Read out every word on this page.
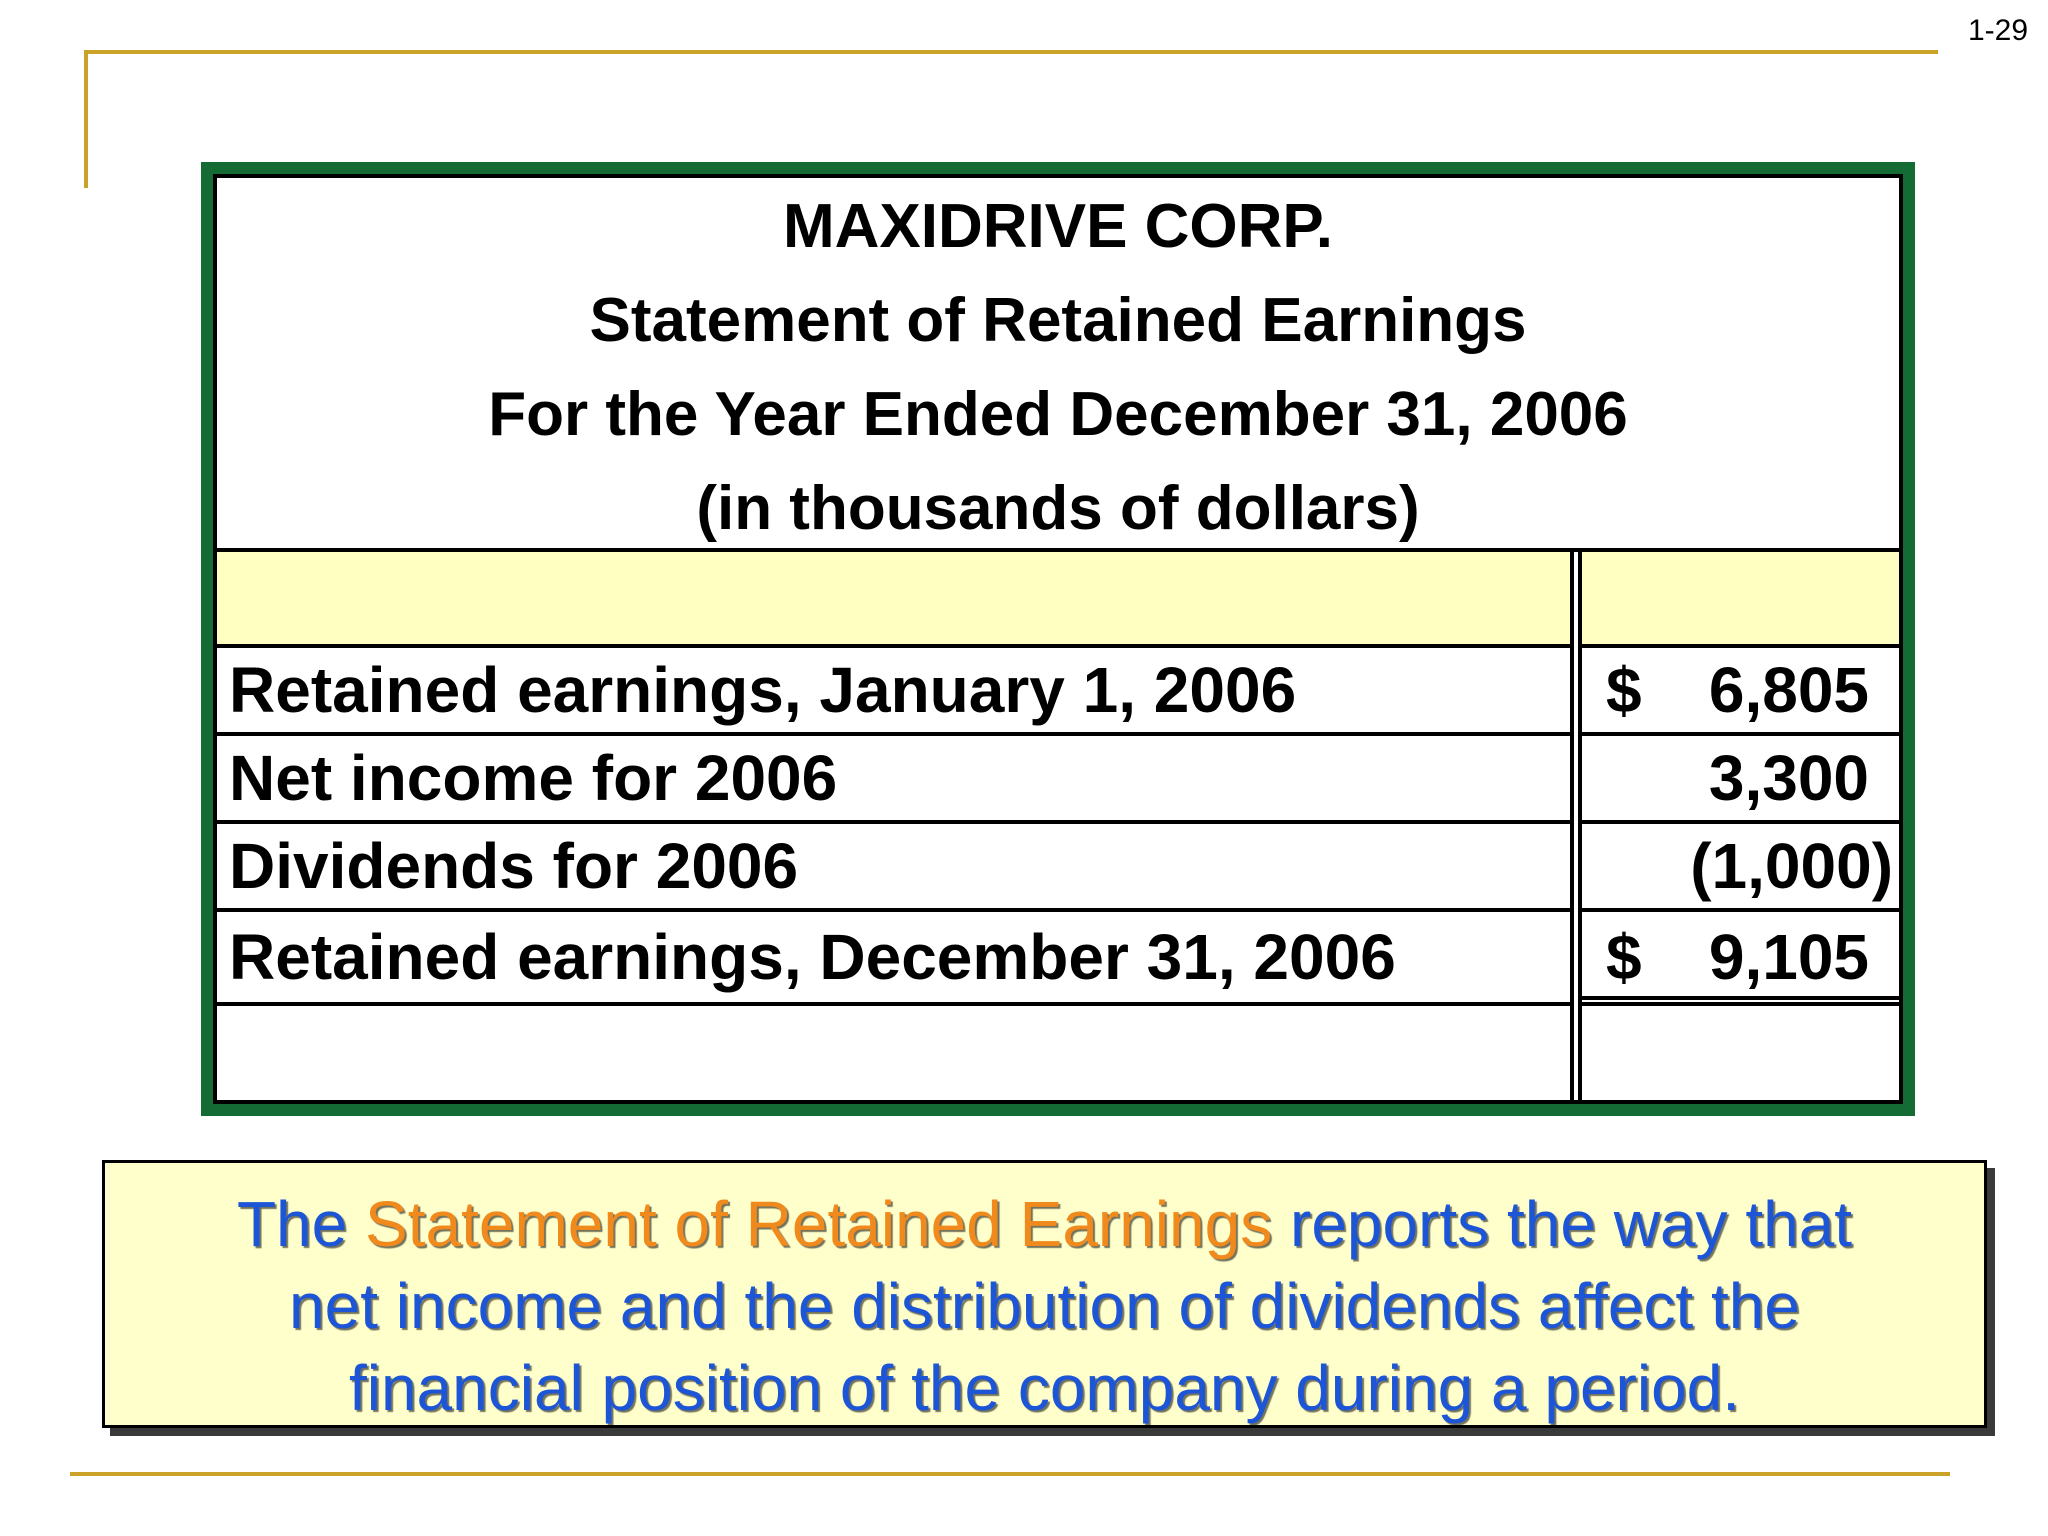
1-29
MAXIDRIVE CORP.
Statement of Retained Earnings
For the Year Ended December 31, 2006
(in thousands of dollars)
Retained earnings, January 1, 2006	$ 6,805
Net income for 2006	3,300
Dividends for 2006	(1,000)
Retained earnings, December 31, 2006	$ 9,105

The Statement of Retained Earnings reports the way that

net income and the distribution of dividends affect the

financial position of the company during a period.
